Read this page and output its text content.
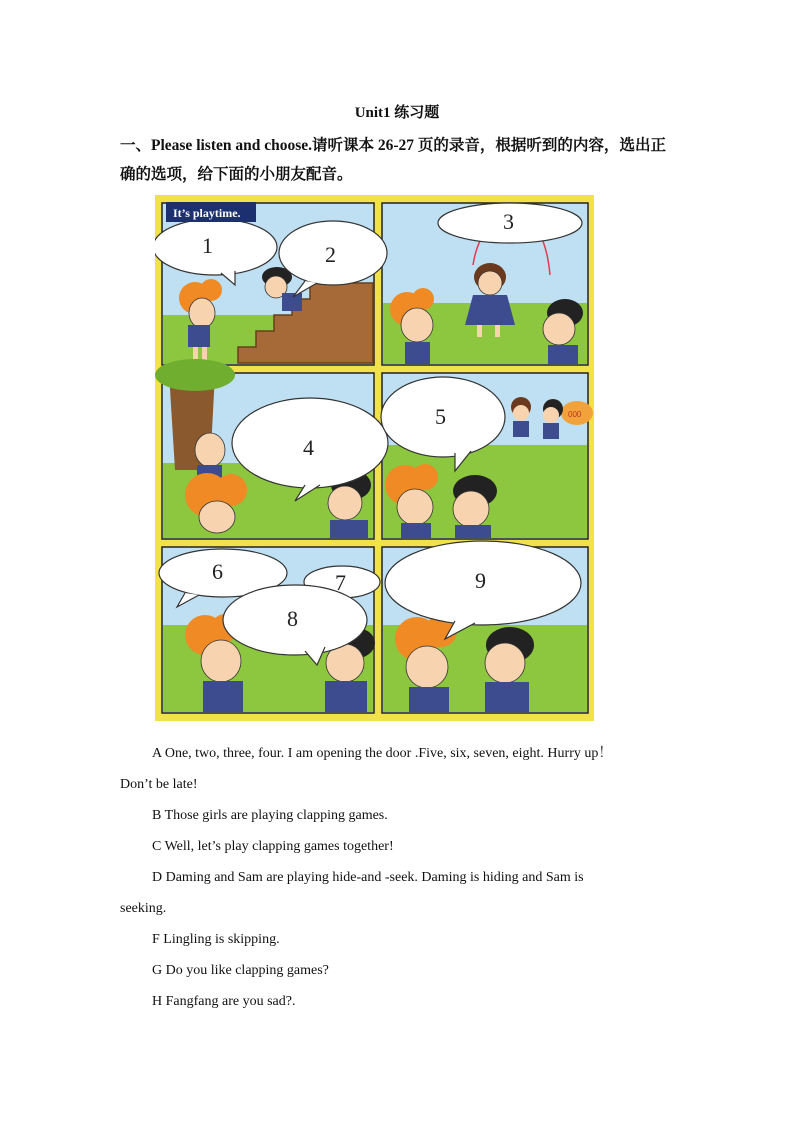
Unit1 练习题
一、Please listen and choose.请听课本 26-27 页的录音，根据听到的内容，选出正确的选项，给下面的小朋友配音。
000
It’s playtime.
1	2
3
4
5
6	7
8
9
A One, two, three, four. I am opening the door .Five, six, seven, eight. Hurry up！
Don’t be late!
B Those girls are playing clapping games.
C Well, let’s play clapping games together!
D Daming and Sam are playing hide-and -seek. Daming is hiding and Sam is
seeking.
F Lingling is skipping.
G Do you like clapping games?
H Fangfang are you sad?.
